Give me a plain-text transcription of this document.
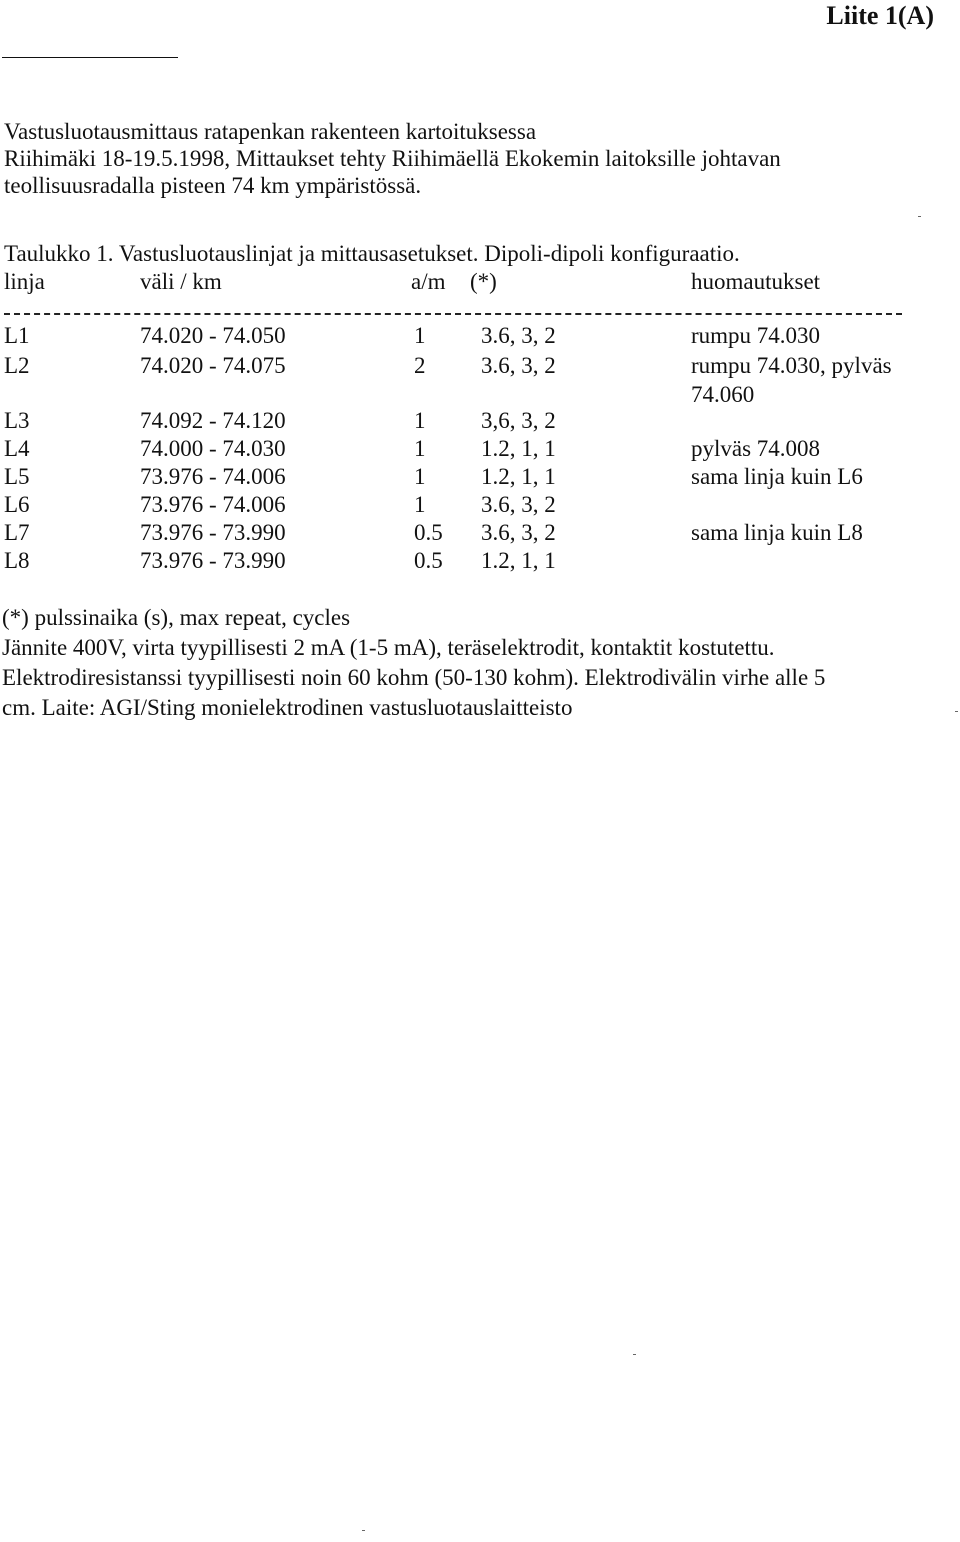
Liite 1(A)
Vastusluotausmittaus ratapenkan rakenteen kartoituksessa
Riihimäki 18-19.5.1998, Mittaukset tehty Riihimäellä Ekokemin laitoksille johtavan
teollisuusradalla pisteen 74 km ympäristössä.
Taulukko 1. Vastusluotauslinjat ja mittausasetukset. Dipoli-dipoli konfiguraatio.
linja	väli / km	a/m (*)	huomautukset
L1	74.020 - 74.050	1 3.6, 3, 2	rumpu 74.030
L2	74.020 - 74.075	2 3.6, 3, 2	rumpu 74.030, pylväs
74.060
L3	74.092 - 74.120	1 3,6, 3, 2
L4	74.000 - 74.030	1 1.2, 1, 1	pylväs 74.008
L5	73.976 - 74.006	1 1.2, 1, 1	sama linja kuin L6
L6	73.976 - 74.006	1 3.6, 3, 2
L7	73.976 - 73.990	0.5 3.6, 3, 2	sama linja kuin L8
L8	73.976 - 73.990	0.5 1.2, 1, 1
(*) pulssinaika (s), max repeat, cycles
Jännite 400V, virta tyypillisesti 2 mA (1-5 mA), teräselektrodit, kontaktit kostutettu.
Elektrodiresistanssi tyypillisesti noin 60 kohm (50-130 kohm). Elektrodivälin virhe alle 5
cm. Laite: AGI/Sting monielektrodinen vastusluotauslaitteisto
